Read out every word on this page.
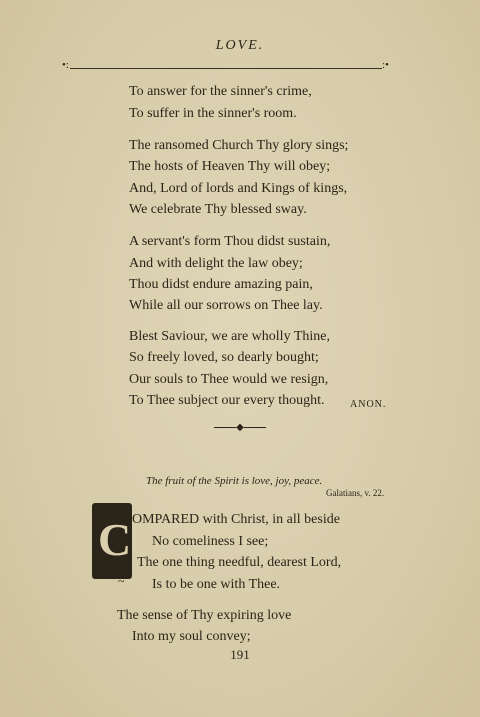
LOVE.
•:	:•
To answer for the sinner's crime,
To suffer in the sinner's room.
The ransomed Church Thy glory sings;
The hosts of Heaven Thy will obey;
And, Lord of lords and Kings of kings,
We celebrate Thy blessed sway.
A servant's form Thou didst sustain,
And with delight the law obey;
Thou didst endure amazing pain,
While all our sorrows on Thee lay.
Blest Saviour, we are wholly Thine,
So freely loved, so dearly bought;
Our souls to Thee would we resign,
To Thee subject our every thought.	ANON.
◆
The fruit of the Spirit is love, joy, peace.
Galatians, v. 22.
C
~
OMPARED with Christ, in all beside
No comeliness I see;
The one thing needful, dearest Lord,
Is to be one with Thee.
The sense of Thy expiring love
Into my soul convey;
191
